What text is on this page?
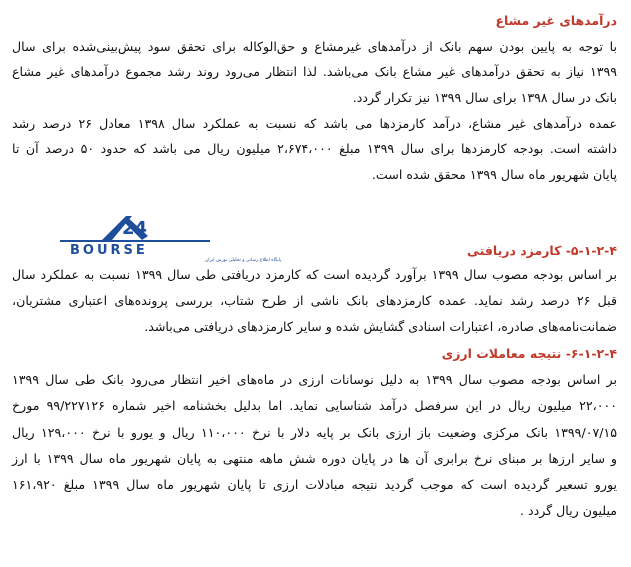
درآمدهای غیر مشاع
با توجه به پایین بودن سهم بانک از درآمدهای غیرمشاع و حق‌الوکاله برای تحقق سود پیش‌بینی‌شده برای سال
۱۳۹۹ نیاز به تحقق درآمدهای غیر مشاع بانک می‌باشد. لذا انتظار می‌رود روند رشد مجموع درآمدهای غیر مشاع
بانک در سال ۱۳۹۸ برای سال ۱۳۹۹ نیز تکرار گردد.
عمده درآمدهای غیر مشاع، درآمد کارمزدها می باشد که نسبت به عملکرد سال ۱۳۹۸ معادل ۲۶ درصد رشد
داشته است. بودجه کارمزدها برای سال ۱۳۹۹ مبلغ ۲،۶۷۴،۰۰۰ میلیون ریال می باشد که حدود ۵۰ درصد آن تا
پایان شهریور ماه سال ۱۳۹۹ محقق شده است.
24
BOURSE
پایگاه اطلاع رسانی و تحلیلی بورس ایران
۵-۱-۲-۴- کارمزد دریافتی
بر اساس بودجه مصوب سال ۱۳۹۹ برآورد گردیده است که کارمزد دریافتی طی سال ۱۳۹۹ نسبت به عملکرد سال
قبل ۲۶ درصد رشد نماید. عمده کارمزدهای بانک ناشی از طرح شتاب، بررسی پرونده‌های اعتباری مشتریان،
ضمانت‌نامه‌های صادره، اعتبارات اسنادی گشایش شده و سایر کارمزدهای دریافتی می‌باشد.
۶-۱-۲-۴- نتیجه معاملات ارزی
بر اساس بودجه مصوب سال ۱۳۹۹ به دلیل نوسانات ارزی در ماه‌های اخیر انتظار می‌رود بانک طی سال ۱۳۹۹
۲۲،۰۰۰ میلیون ریال در این سرفصل درآمد شناسایی نماید. اما بدلیل بخشنامه اخیر شماره ۹۹/۲۲۷۱۲۶ مورخ
۱۳۹۹/۰۷/۱۵ بانک مرکزی وضعیت باز ارزی بانک بر پایه دلار با نرخ ۱۱۰،۰۰۰ ریال و یورو با نرخ ۱۲۹،۰۰۰ ریال
و سایر ارزها بر مبنای نرخ برابری آن ها در پایان دوره شش ماهه منتهی به پایان شهریور ماه سال ۱۳۹۹ با ارز
یورو تسعیر گردیده است که موجب گردید نتیجه مبادلات ارزی تا پایان شهریور ماه سال ۱۳۹۹ مبلغ ۱۶۱،۹۲۰
میلیون ریال گردد .
